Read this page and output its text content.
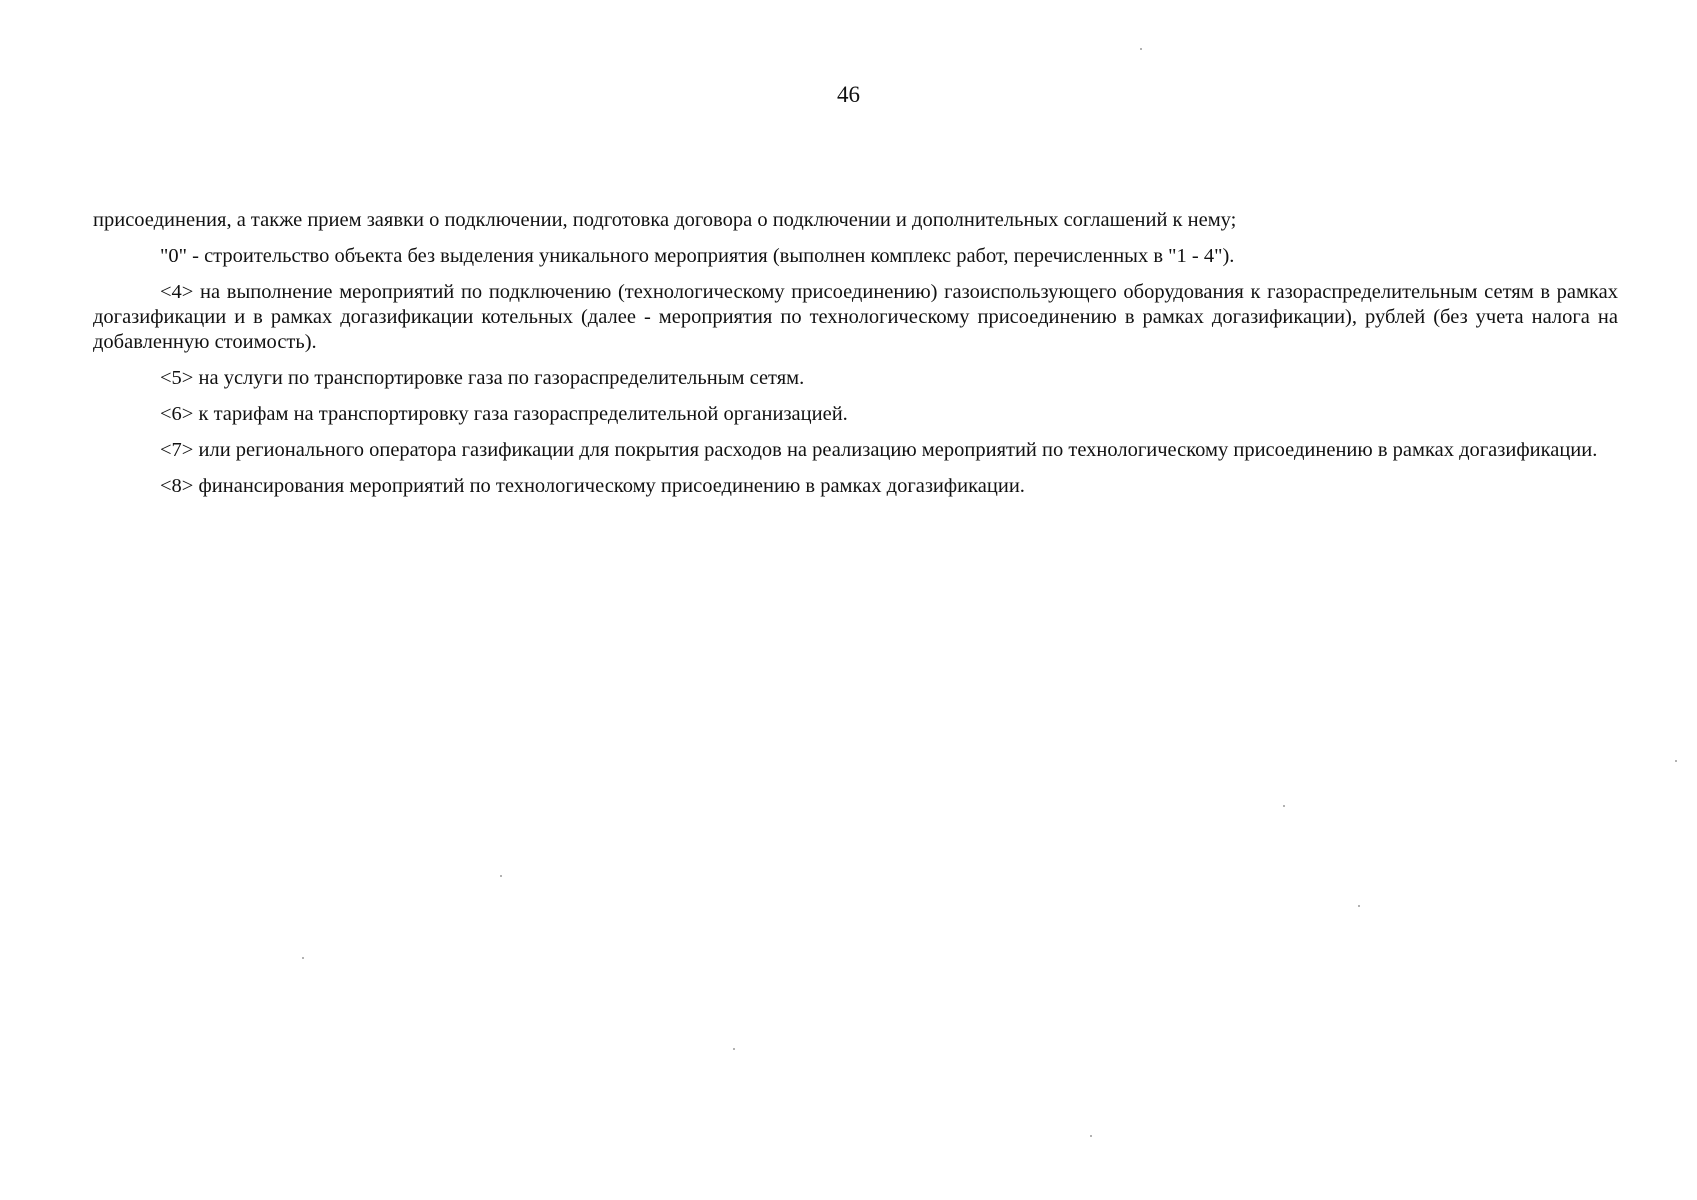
46

присоединения, а также прием заявки о подключении, подготовка договора о подключении и дополнительных соглашений к нему;

"0" - строительство объекта без выделения уникального мероприятия (выполнен комплекс работ, перечисленных в "1 - 4").

<4> на выполнение мероприятий по подключению (технологическому присоединению) газоиспользующего оборудования к газораспределительным сетям в рамках догазификации и в рамках догазификации котельных (далее - мероприятия по технологическому присоединению в рамках догазификации), рублей (без учета налога на добавленную стоимость).

<5> на услуги по транспортировке газа по газораспределительным сетям.

<6> к тарифам на транспортировку газа газораспределительной организацией.

<7> или регионального оператора газификации для покрытия расходов на реализацию мероприятий по технологическому присоединению в рамках догазификации.

<8> финансирования мероприятий по технологическому присоединению в рамках догазификации.
